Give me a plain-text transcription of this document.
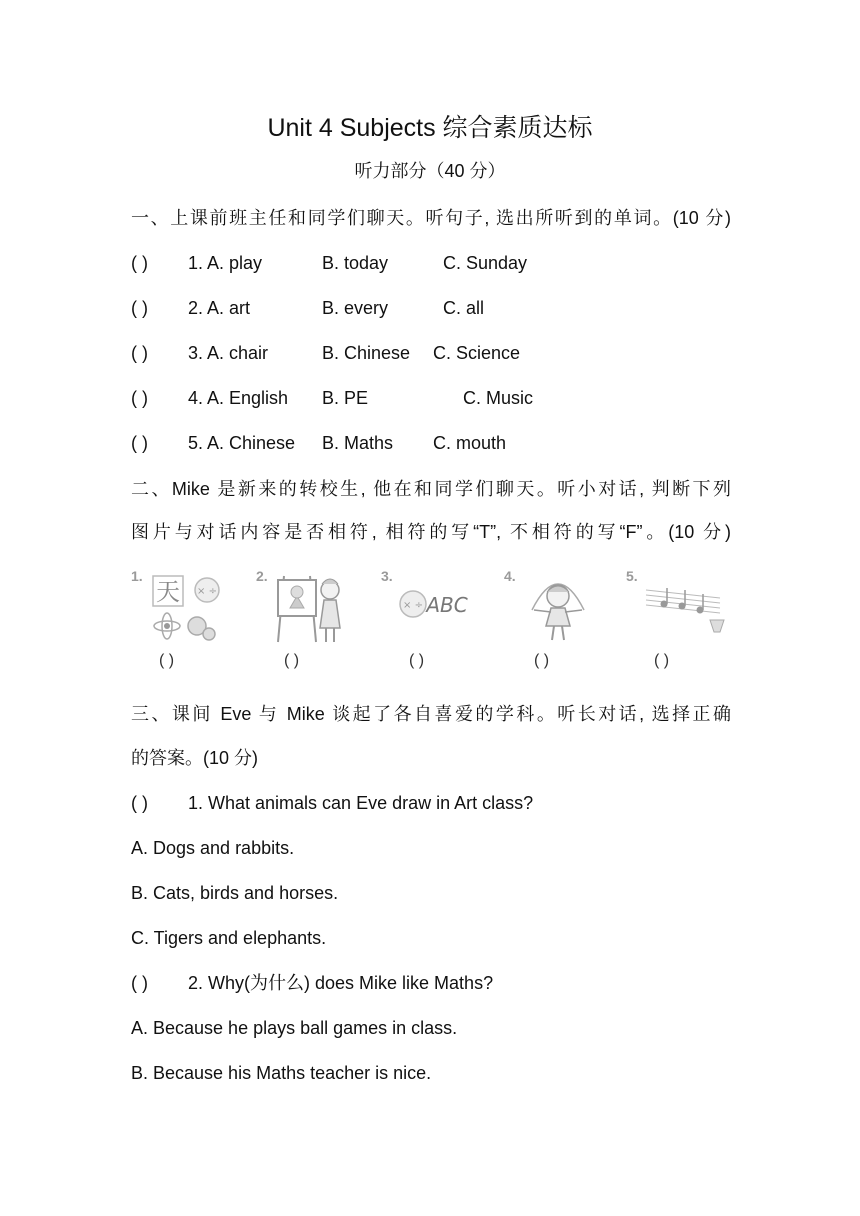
Unit 4 Subjects 综合素质达标
听力部分（40 分）
一、上课前班主任和同学们聊天。听句子, 选出所听到的单词。(10 分)
( ) 1. A. play	B. today	C. Sunday
( ) 2. A. art	B. every	C. all
( ) 3. A. chair	B. Chinese C. Science
( ) 4. A. English B. PE	C. Music
( ) 5. A. Chinese B. Maths C. mouth
二、Mike 是新来的转校生, 他在和同学们聊天。听小对话, 判断下列
图片与对话内容是否相符, 相符的写“T”, 不相符的写“F”。(10 分)
1.
天 × ÷
( )
2.
( )
3.
× ÷ ABC
( )
4.
( )
5.
( )
三、课间 Eve 与 Mike 谈起了各自喜爱的学科。听长对话, 选择正确
的答案。(10 分)
( ) 1. What animals can Eve draw in Art class?
A. Dogs and rabbits.
B. Cats, birds and horses.
C. Tigers and elephants.
( ) 2. Why(为什么) does Mike like Maths?
A. Because he plays ball games in class.
B. Because his Maths teacher is nice.
